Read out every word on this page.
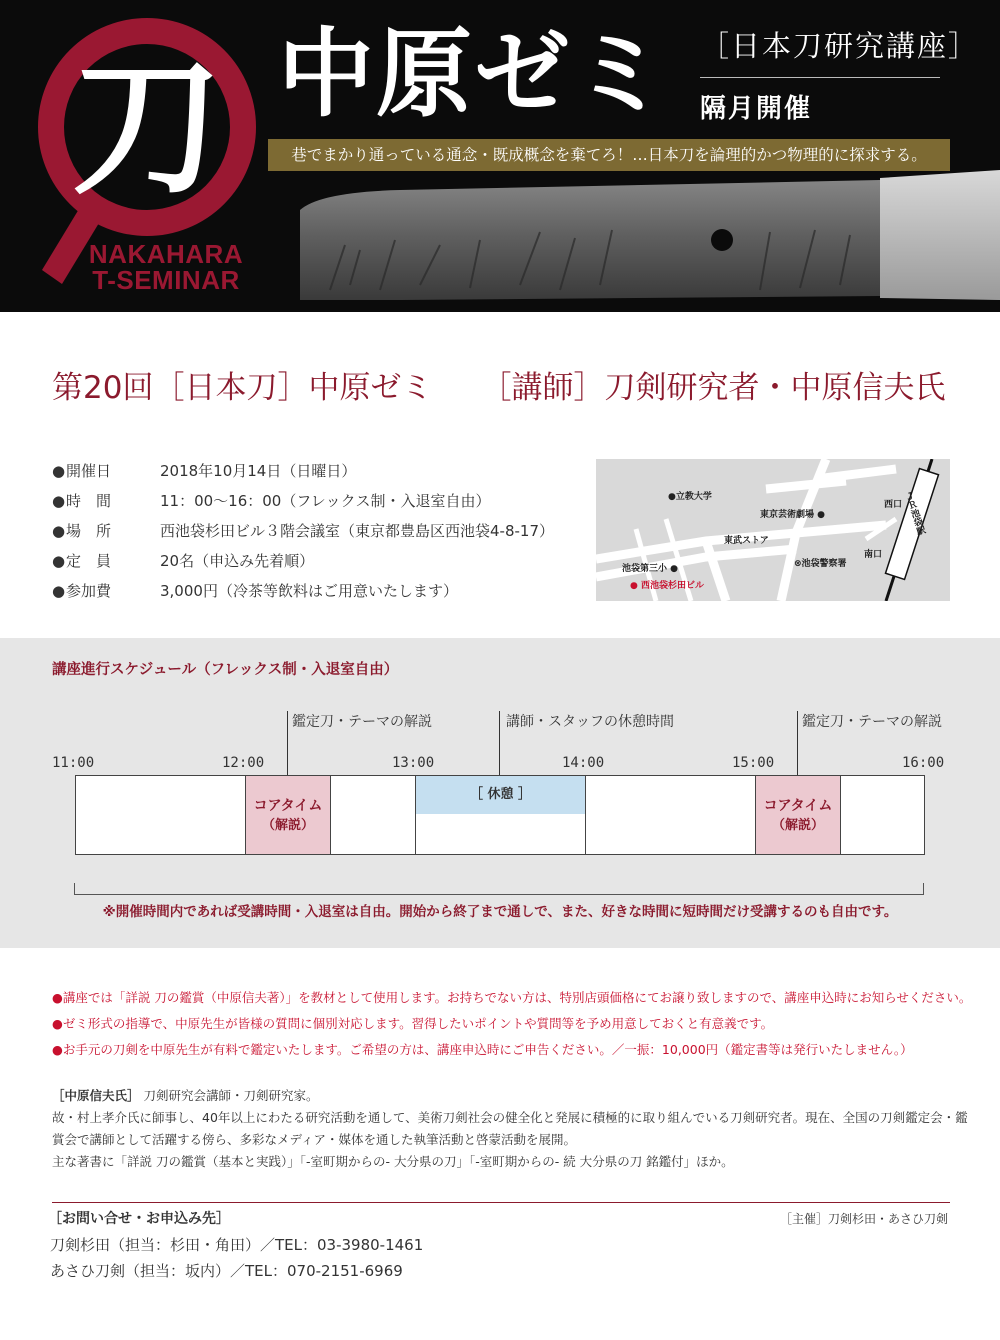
刀
NAKAHARA
T-SEMINAR
中原ゼミ ［日本刀研究講座］
隔月開催
巷でまかり通っている通念・既成概念を棄てろ！…日本刀を論理的かつ物理的に探求する。
第20回［日本刀］中原ゼミ ［講師］刀剣研究者・中原信夫氏
●開催日	2018年10月14日（日曜日）
●時　間	11：00〜16：00（フレックス制・入退室自由）
●場　所	西池袋杉田ビル３階会議室（東京都豊島区西池袋4-8-17）
●定　員	20名（申込み先着順）
●参加費	3,000円（冷茶等飲料はご用意いたします）
●立教大学
東京芸術劇場 ●
西口 ＪＲ池袋駅
東武ストア
南口
池袋第三小 ●	⊗池袋警察署
● 西池袋杉田ビル
講座進行スケジュール（フレックス制・入退室自由）
鑑定刀・テーマの解説	講師・スタッフの休憩時間	鑑定刀・テーマの解説
11:00	12:00	13:00	14:00	15:00	16:00
コアタイム
（解説）
［ 休憩 ］
コアタイム
（解説）
※開催時間内であれば受講時間・入退室は自由。開始から終了まで通しで、また、好きな時間に短時間だけ受講するのも自由です。
●講座では「詳説 刀の鑑賞（中原信夫著）」を教材として使用します。お持ちでない方は、特別店頭価格にてお譲り致しますので、講座申込時にお知らせください。
●ゼミ形式の指導で、中原先生が皆様の質問に個別対応します。習得したいポイントや質問等を予め用意しておくと有意義です。
●お手元の刀剣を中原先生が有料で鑑定いたします。ご希望の方は、講座申込時にご申告ください。／一振：10,000円（鑑定書等は発行いたしません。）

［中原信夫氏］ 刀剣研究会講師・刀剣研究家。

故・村上孝介氏に師事し、40年以上にわたる研究活動を通して、美術刀剣社会の健全化と発展に積極的に取り組んでいる刀剣研究者。現在、全国の刀剣鑑定会・鑑

賞会で講師として活躍する傍ら、多彩なメディア・媒体を通した執筆活動と啓蒙活動を展開。

主な著書に「詳説 刀の鑑賞（基本と実践）」「-室町期からの- 大分県の刀」「-室町期からの- 続 大分県の刀 銘鑑付」ほか。

［お問い合せ・お申込み先］	［主催］刀剣杉田・あさひ刀剣
刀剣杉田（担当：杉田・角田）／TEL：03-3980-1461
あさひ刀剣（担当：坂内）／TEL：070-2151-6969
